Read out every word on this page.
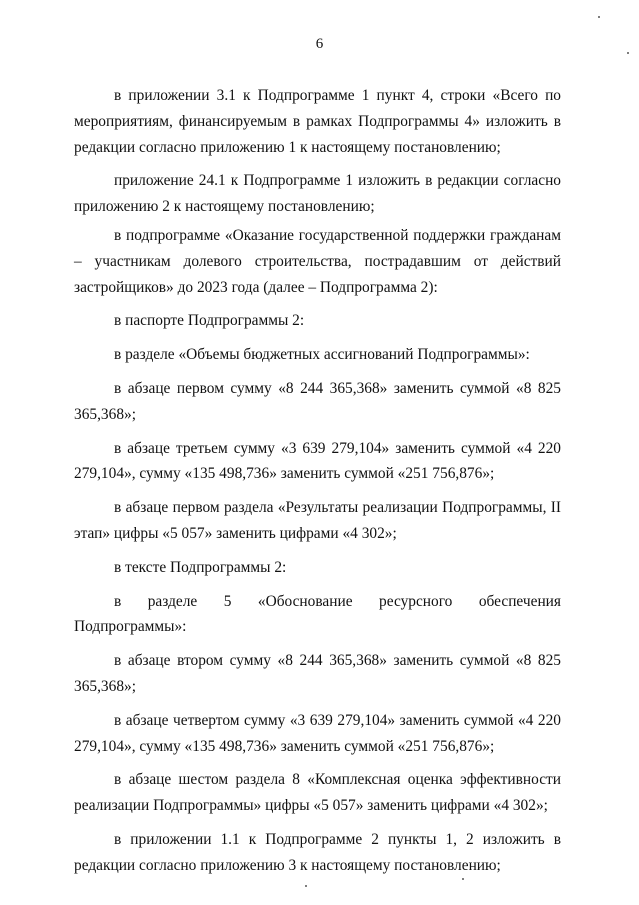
6

в приложении 3.1 к Подпрограмме 1 пункт 4, строки «Всего по мероприятиям, финансируемым в рамках Подпрограммы 4» изложить в редакции согласно приложению 1 к настоящему постановлению;

приложение 24.1 к Подпрограмме 1 изложить в редакции согласно приложению 2 к настоящему постановлению;

в подпрограмме «Оказание государственной поддержки гражданам – участникам долевого строительства, пострадавшим от действий застройщиков» до 2023 года (далее – Подпрограмма 2):

в паспорте Подпрограммы 2:

в разделе «Объемы бюджетных ассигнований Подпрограммы»:

в абзаце первом сумму «8 244 365,368» заменить суммой «8 825 365,368»;

в абзаце третьем сумму «3 639 279,104» заменить суммой «4 220 279,104», сумму «135 498,736» заменить суммой «251 756,876»;

в абзаце первом раздела «Результаты реализации Подпрограммы, II этап» цифры «5 057» заменить цифрами «4 302»;

в тексте Подпрограммы 2:

в разделе 5 «Обоснование ресурсного обеспечения Подпрограммы»:

в абзаце втором сумму «8 244 365,368» заменить суммой «8 825 365,368»;

в абзаце четвертом сумму «3 639 279,104» заменить суммой «4 220 279,104», сумму «135 498,736» заменить суммой «251 756,876»;

в абзаце шестом раздела 8 «Комплексная оценка эффективности реализации Подпрограммы» цифры «5 057» заменить цифрами «4 302»;

в приложении 1.1 к Подпрограмме 2 пункты 1, 2 изложить в редакции согласно приложению 3 к настоящему постановлению;
